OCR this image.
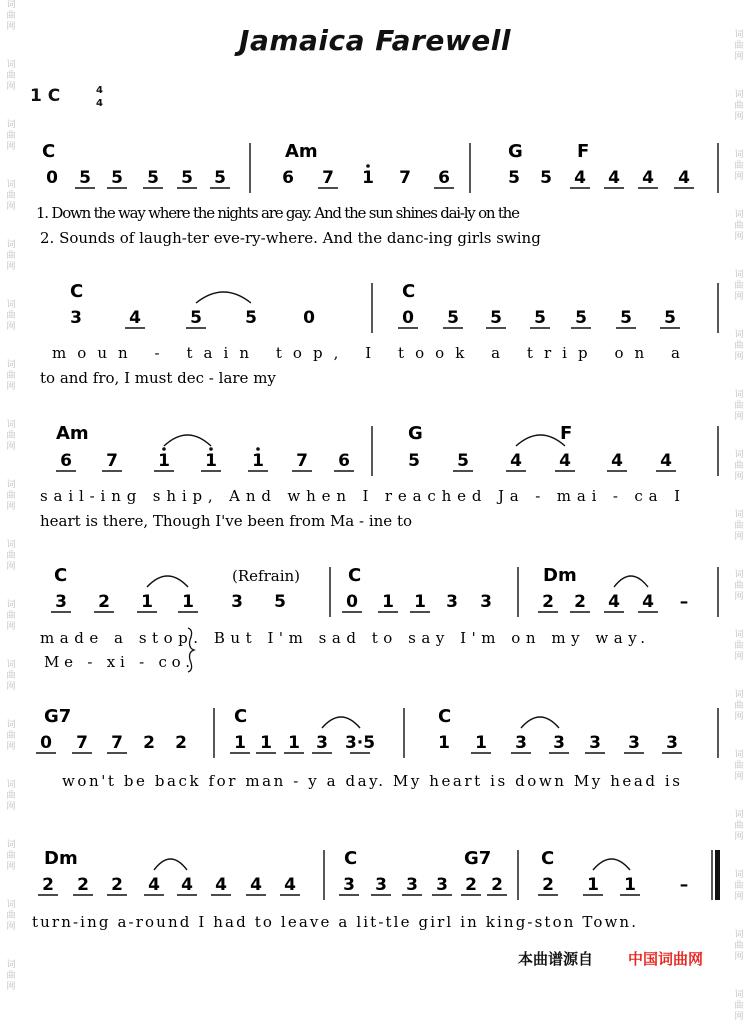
Jamaica Farewell
1 C	4
4
C	Am	G	F
0 5 5 5 5 5	6 7 1 7 6	5 5 4 4 4 4
1. Down the way where the nights are gay. And the sun shines dai-ly on the
2. Sounds of laugh-ter eve-ry-where. And the danc-ing girls swing
C	C
3	4	5	5	0	0 5 5 5 5 5 5
moun - tain top, I took a trip on a
to and fro, I must dec - lare my
Am	G	F
6 7 1 1 1 7 6	5 5 4 4 4 4
sail-ing ship, And when I reached Ja - mai - ca I
heart is there, Though I've been from Ma - ine to
C	C	Dm
(Refrain)
3 2 1 1 3 5	0 1 1 3 3	2 2 4 4 –
made a stop. But I'm sad to say I'm on my way.
Me - xi - co.
G7	C	C
0 7 7 2 2	1 1 1 3 3·5	1 1 3 3 3 3 3
won't be back for man - y a day. My heart is down My head is
Dm	C	G7	C
2 2 2 4 4 4 4 4	3 3 3 3 2 2 2 1 1	–
turn-ing a-round I had to leave a lit-tle girl in king-ston Town.
本曲谱源自 中国词曲网
词
曲
网
词
曲
网
词
曲
网
词
曲
网
词
曲
网
词
曲
网
词
曲
网
词
曲
网
词
曲
网
词
曲
网
词
曲
网
词
曲
网
词
曲
网
词
曲
网
词
曲
网
词
曲
网
词
曲
网
词
曲
网
词
曲
网
词
曲
网
词
曲
网
词
曲
网
词
曲
网
词
曲
网
词
曲
网
词
曲
网
词
曲
网
词
曲
网
词
曲
网
词
曲
网
词
曲
网
词
曲
网
词
曲
网
词
曲
网
